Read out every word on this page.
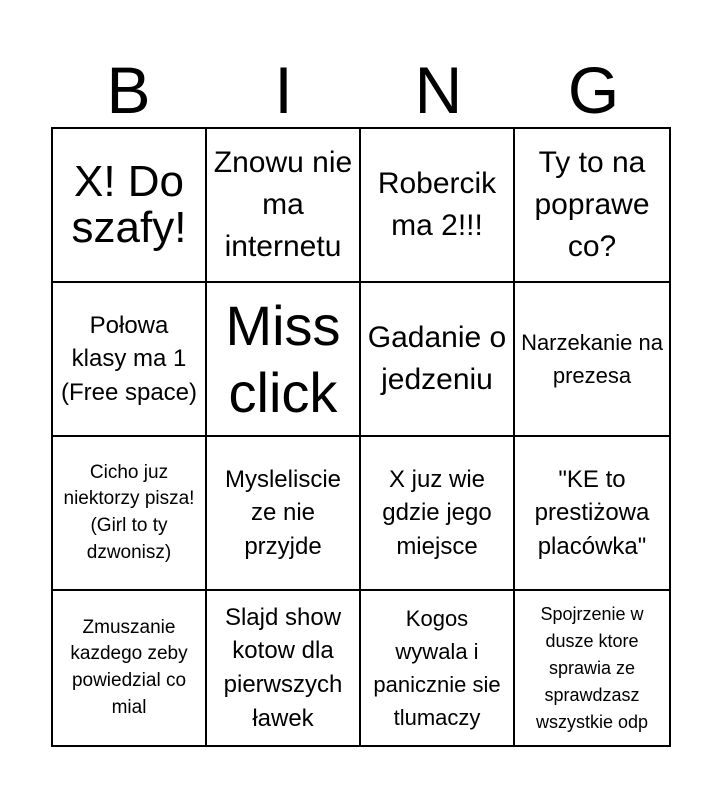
B	I	N	G
X! Do szafy!
Znowu nie ma internetu
Robercik ma 2!!!
Ty to na poprawe co?
Połowa klasy ma 1 (Free space)
Miss click
Gadanie o jedzeniu
Narzekanie na prezesa
Cicho juz niektorzy pisza! (Girl to ty dzwonisz)
Mysleliscie ze nie przyjde
X juz wie gdzie jego miejsce
"KE to prestiżowa placówka"
Zmuszanie kazdego zeby powiedzial co mial
Slajd show kotow dla pierwszych ławek
Kogos wywala i panicznie sie tlumaczy
Spojrzenie w dusze ktore sprawia ze sprawdzasz wszystkie odp
